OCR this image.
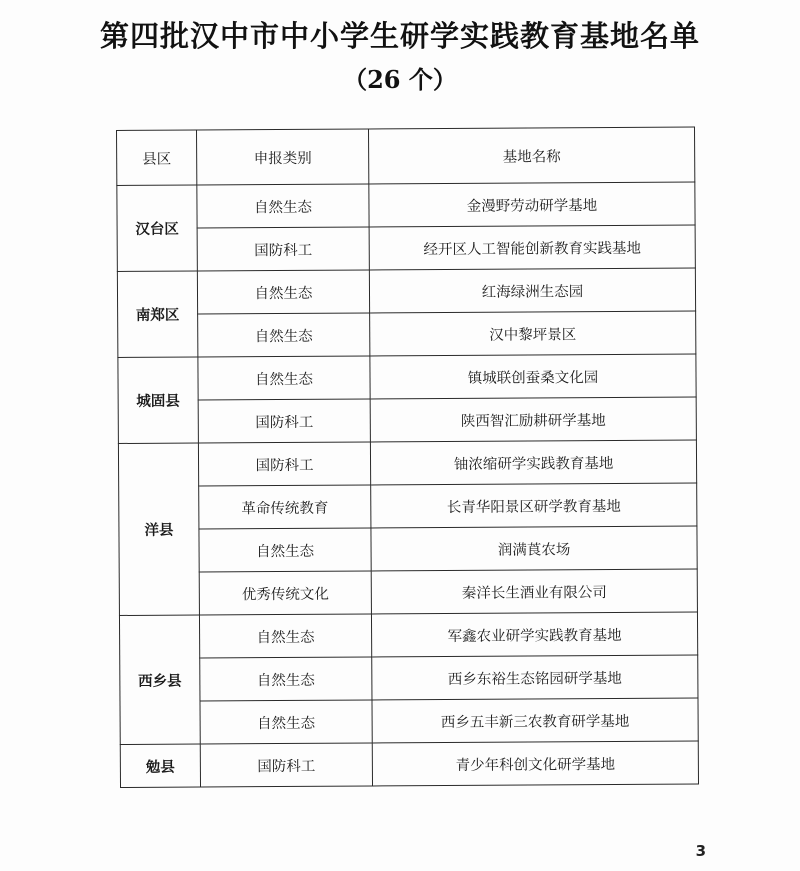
第四批汉中市中小学生研学实践教育基地名单
（26 个）
县区	申报类别	基地名称
汉台区	自然生态	金漫野劳动研学基地
	国防科工	经开区人工智能创新教育实践基地
南郑区	自然生态	红海绿洲生态园
	自然生态	汉中黎坪景区
城固县	自然生态	镇城联创蚕桑文化园
	国防科工	陕西智汇励耕研学基地
洋县	国防科工	铀浓缩研学实践教育基地
	革命传统教育	长青华阳景区研学教育基地
	自然生态	润满莨农场
	优秀传统文化	秦洋长生酒业有限公司
西乡县	自然生态	军鑫农业研学实践教育基地
	自然生态	西乡东裕生态铭园研学基地
	自然生态	西乡五丰新三农教育研学基地
勉县	国防科工	青少年科创文化研学基地
3
